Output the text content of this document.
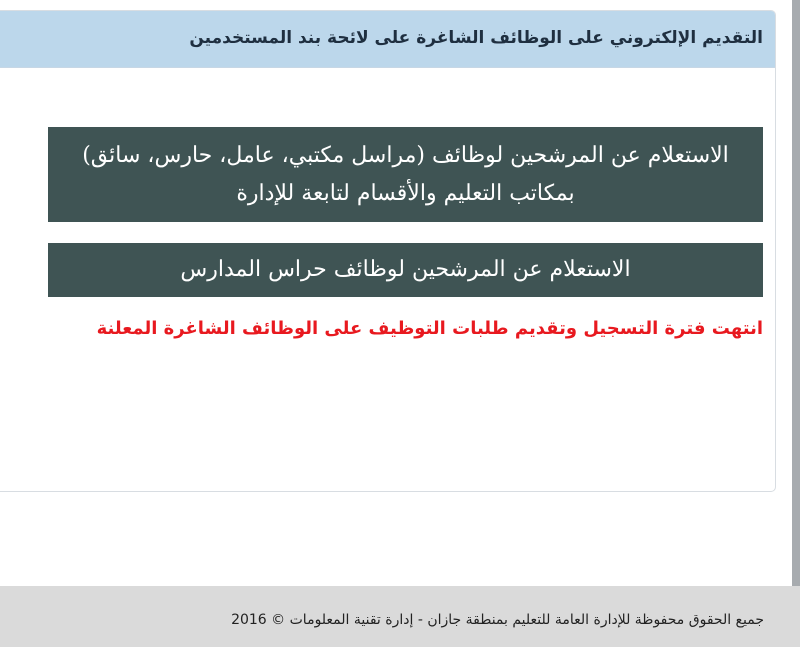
التقديم الإلكتروني على الوظائف الشاغرة على لائحة بند المستخدمين
الاستعلام عن المرشحين لوظائف (مراسل مكتبي، عامل، حارس، سائق)
بمكاتب التعليم والأقسام لتابعة للإدارة
الاستعلام عن المرشحين لوظائف حراس المدارس
انتهت فترة التسجيل وتقديم طلبات التوظيف على الوظائف الشاغرة المعلنة
جميع الحقوق محفوظة للإدارة العامة للتعليم بمنطقة جازان - إدارة تقنية المعلومات © 2016
